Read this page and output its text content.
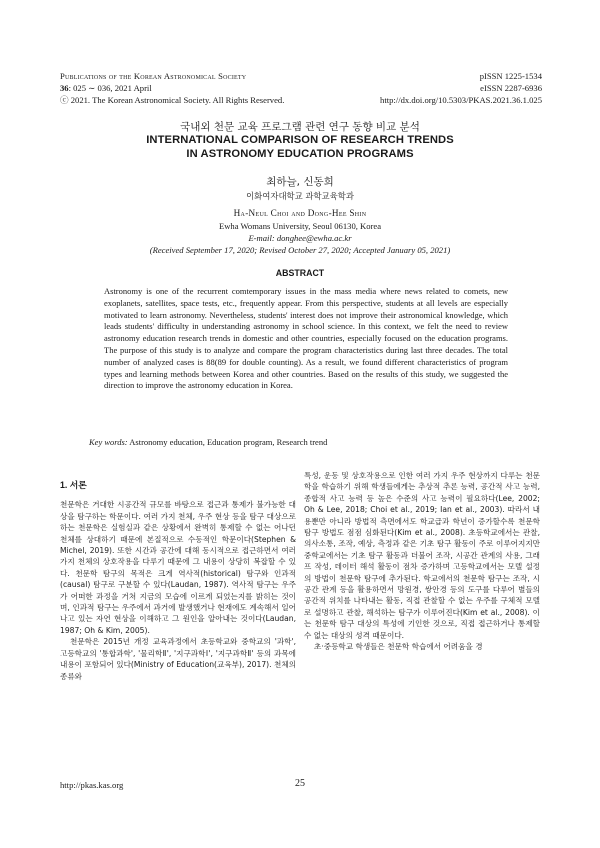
Publications of the Korean Astronomical Society
36: 025 ∼ 036, 2021 April
ⓒ 2021. The Korean Astronomical Society. All Rights Reserved.
pISSN 1225-1534
eISSN 2287-6936
http://dx.doi.org/10.5303/PKAS.2021.36.1.025
국내외 천문 교육 프로그램 관련 연구 동향 비교 분석
INTERNATIONAL COMPARISON OF RESEARCH TRENDS
IN ASTRONOMY EDUCATION PROGRAMS
최하늘, 신동희
이화여자대학교 과학교육학과
Ha-Neul Choi and Dong-Hee Shin
Ewha Womans University, Seoul 06130, Korea
E-mail: donghee@ewha.ac.kr
(Received September 17, 2020; Revised October 27, 2020; Accepted January 05, 2021)
ABSTRACT
Astronomy is one of the recurrent comtemporary issues in the mass media where news related to comets, new exoplanets, satellites, space tests, etc., frequently appear. From this perspective, students at all levels are especially motivated to learn astronomy. Nevertheless, students' interest does not improve their astronomical knowledge, which leads students' difficulty in understanding astronomy in school science. In this context, we felt the need to review astronomy education research trends in domestic and other countries, especially focused on the education programs. The purpose of this study is to analyze and compare the program characteristics during last three decades. The total number of analyzed cases is 88(89 for double counting). As a result, we found different characteristics of program types and learning methods between Korea and other countries. Based on the results of this study, we suggested the direction to improve the astronomy education in Korea.
Key words: Astronomy education, Education program, Research trend
1. 서론

천문학은 거대한 시공간적 규모를 바탕으로 접근과 통제가 불가능한 대상을 탐구하는 학문이다. 여러 가지 천체, 우주 현상 등을 탐구 대상으로 하는 천문학은 실험실과 같은 상황에서 완벽히 통제할 수 없는 어나던 천체를 상대하기 때문에 본질적으로 수동적인 학문이다(Stephen & Michel, 2019). 또한 시간과 공간에 대해 동시적으로 접근하면서 여러 가지 천체의 상호작용을 다루기 때문에 그 내용이 상당히 복잡할 수 있다. 천문학 탐구의 목적은 크게 역사적(historical) 탐구와 인과적(causal) 탐구로 구분할 수 있다(Laudan, 1987). 역사적 탐구는 우주가 어떠한 과정을 거쳐 지금의 모습에 이르게 되었는지를 밝히는 것이며, 인과적 탐구는 우주에서 과거에 발생했거나 현재에도 계속해서 일어나고 있는 자연 현상을 이해하고 그 원인을 알아내는 것이다(Laudan, 1987; Oh & Kim, 2005).

천문학은 2015년 개정 교육과정에서 초등학교와 중학교의 '과학', 고등학교의 '통합과학', '물리학Ⅱ', '지구과학Ⅰ', '지구과학Ⅱ' 등의 과목에 내용이 포함되어 있다(Ministry of Education(교육부), 2017). 천체의 종류와

특성, 운동 및 상호작용으로 인한 여러 가지 우주 현상까지 다루는 천문학을 학습하기 위해 학생들에게는 추상적 추론 능력, 공간적 사고 능력, 종합적 사고 능력 등 높은 수준의 사고 능력이 필요하다(Lee, 2002; Oh & Lee, 2018; Choi et al., 2019; Ian et al., 2003). 따라서 내용뿐만 아니라 방법적 측면에서도 학교급과 학년이 증가할수록 천문학 탐구 방법도 점점 심화된다(Kim et al., 2008). 초등학교에서는 관찰, 의사소통, 조작, 예상, 측정과 같은 기초 탐구 활동이 주로 이루어지지만 중학교에서는 기초 탐구 활동과 더불어 조작, 시공간 관계의 사용, 그래프 작성, 데이터 해석 활동이 점차 증가하며 고등학교에서는 모델 설정의 방법이 천문학 탐구에 추가된다. 학교에서의 천문학 탐구는 조작, 시공간 관계 등을 활용하면서 망원경, 쌍안경 등의 도구를 다루어 별들의 공간적 위치를 나타내는 활동, 직접 관찰할 수 없는 우주를 구체적 모델로 설명하고 관찰, 해석하는 탐구가 이루어진다(Kim et al., 2008). 이는 천문학 탐구 대상의 특성에 기인한 것으로, 직접 접근하거나 통제할 수 없는 대상의 성격 때문이다.

초·중등학교 학생들은 천문학 학습에서 어려움을 경

http://pkas.kas.org	25
